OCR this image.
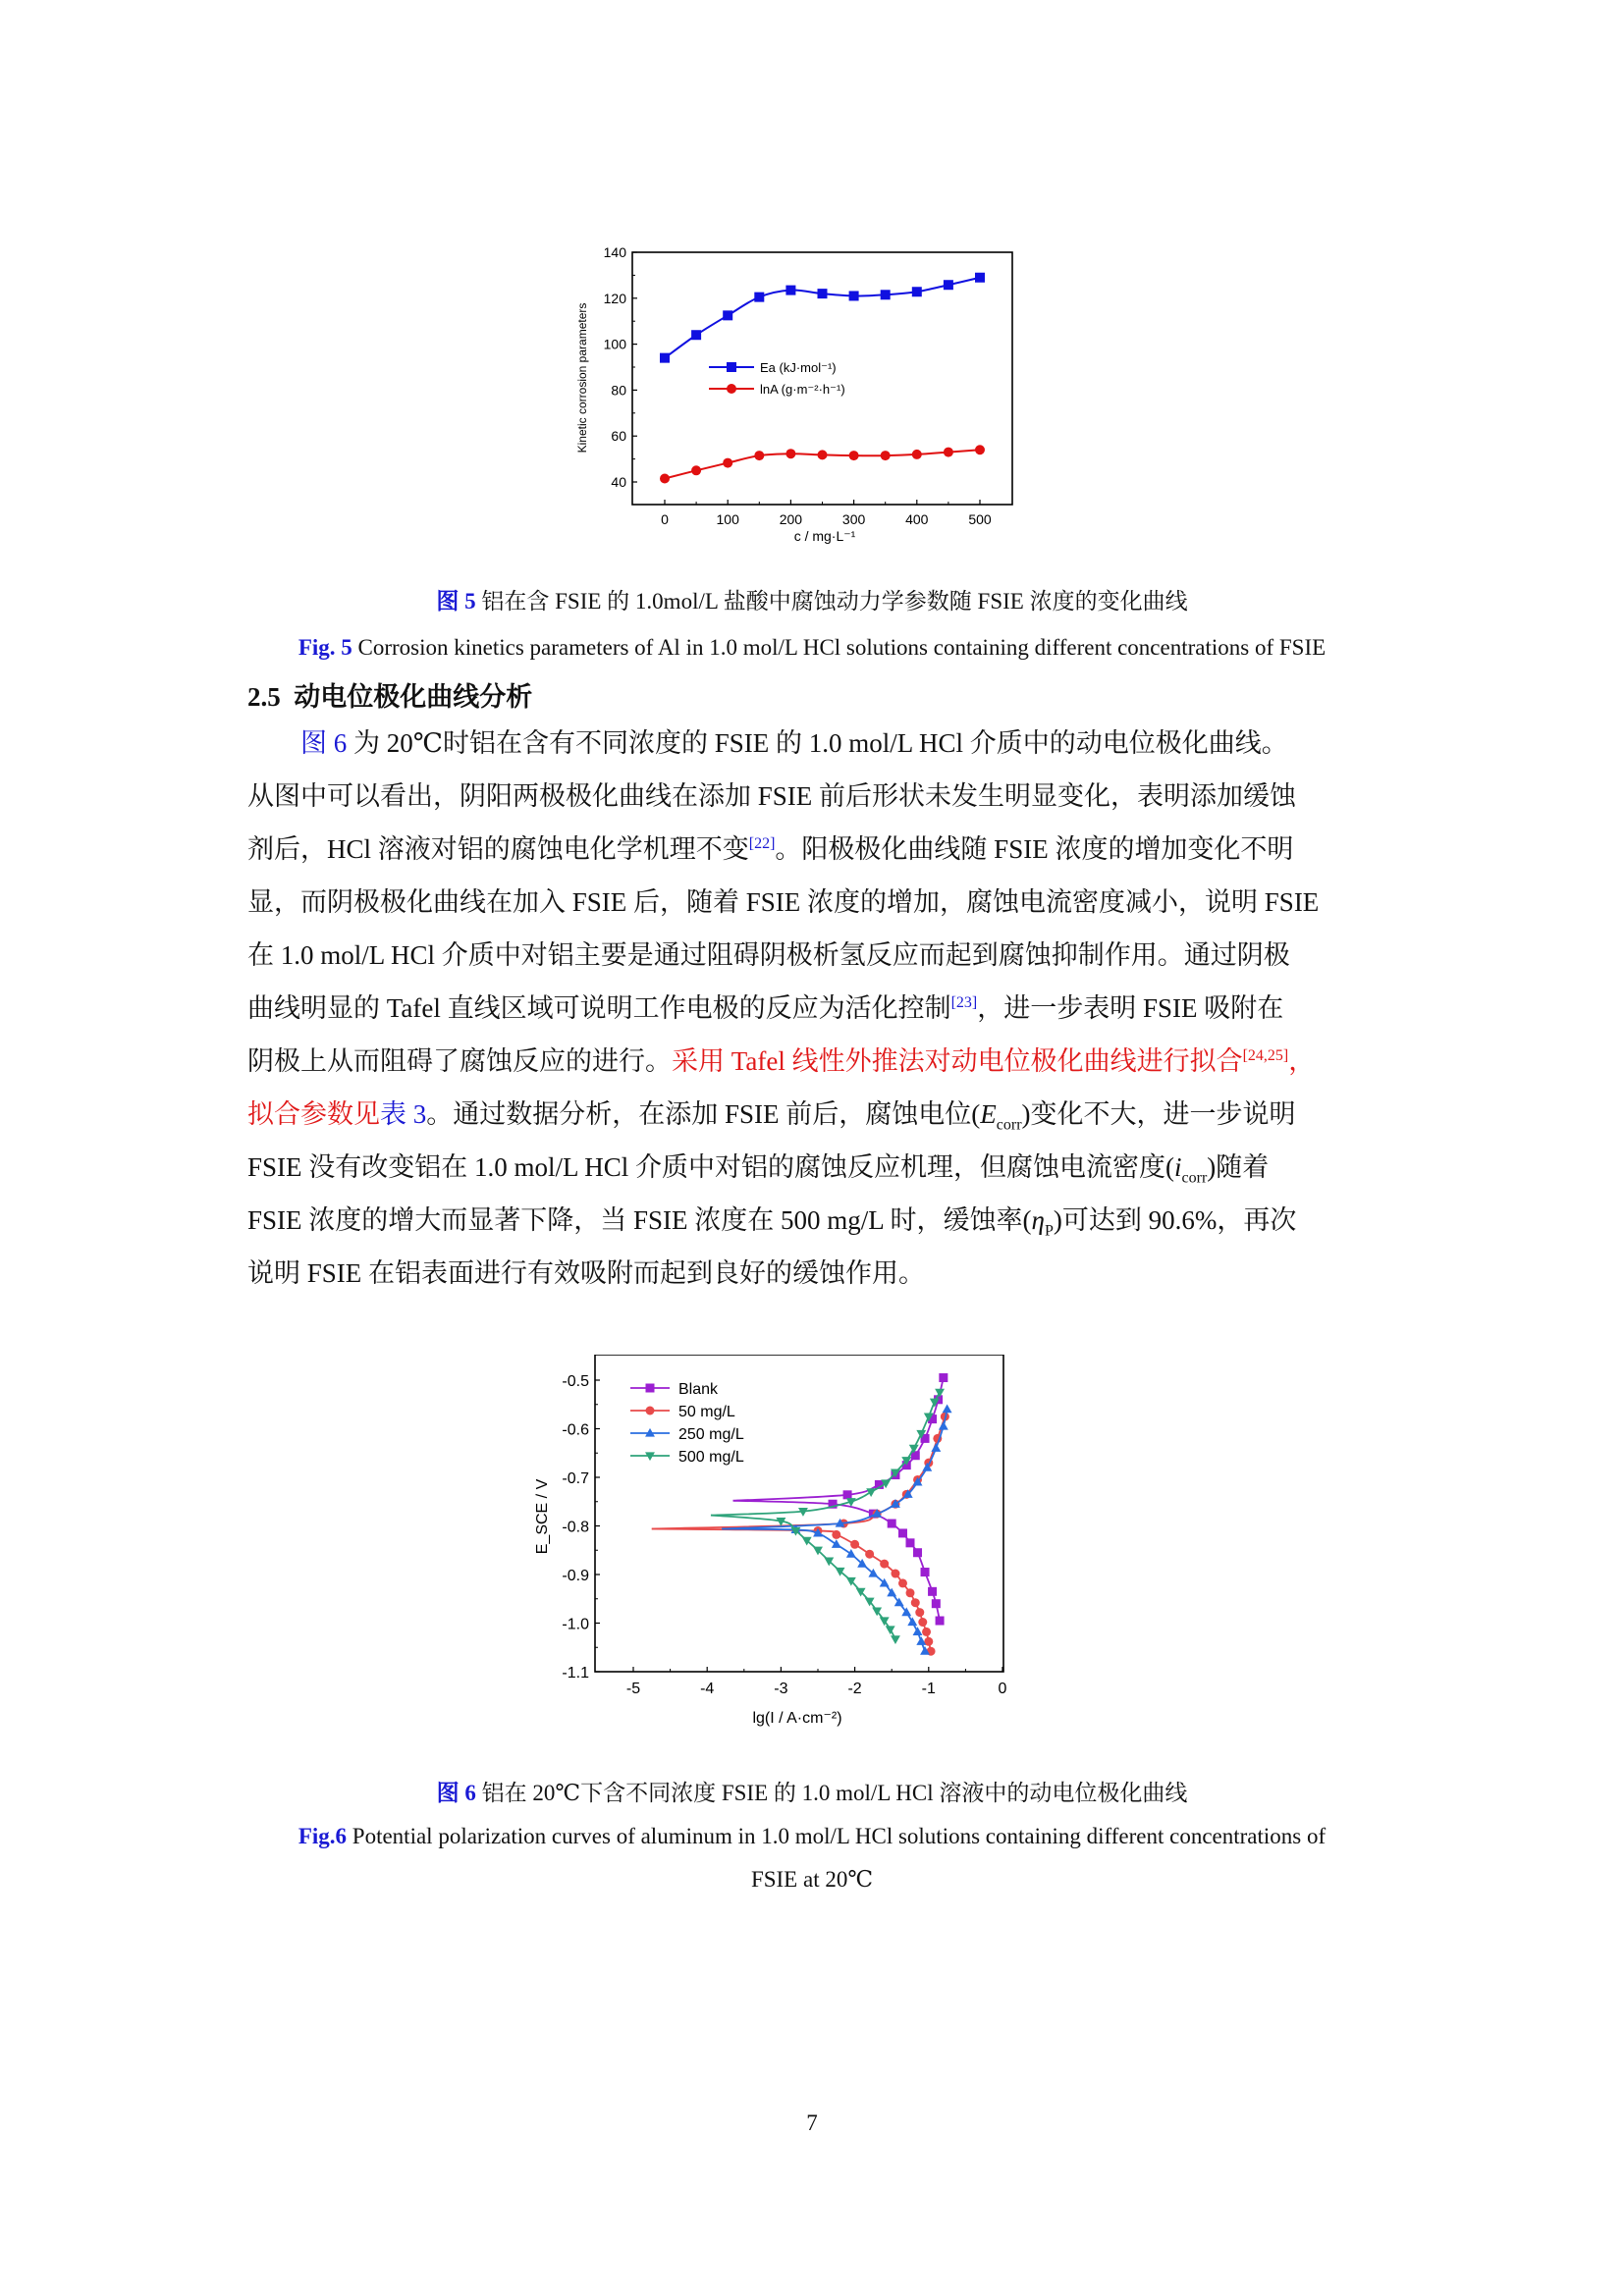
40
60
80
100
120
140
0	100	200	300	400	500
c / mg·L⁻¹
Kinetic corrosion parameters	Ea (kJ·mol⁻¹)
lnA (g·m⁻²·h⁻¹)
图 5 铝在含 FSIE 的 1.0mol/L 盐酸中腐蚀动力学参数随 FSIE 浓度的变化曲线
Fig. 5 Corrosion kinetics parameters of Al in 1.0 mol/L HCl solutions containing different concentrations of FSIE
2.5 动电位极化曲线分析
图 6 为 20℃时铝在含有不同浓度的 FSIE 的 1.0 mol/L HCl 介质中的动电位极化曲线。
从图中可以看出，阴阳两极极化曲线在添加 FSIE 前后形状未发生明显变化，表明添加缓蚀
剂后，HCl 溶液对铝的腐蚀电化学机理不变[22]。阳极极化曲线随 FSIE 浓度的增加变化不明
显，而阴极极化曲线在加入 FSIE 后，随着 FSIE 浓度的增加，腐蚀电流密度减小，说明 FSIE
在 1.0 mol/L HCl 介质中对铝主要是通过阻碍阴极析氢反应而起到腐蚀抑制作用。通过阴极
曲线明显的 Tafel 直线区域可说明工作电极的反应为活化控制[23]，进一步表明 FSIE 吸附在
阴极上从而阻碍了腐蚀反应的进行。采用 Tafel 线性外推法对动电位极化曲线进行拟合[24,25]，
拟合参数见表 3。通过数据分析，在添加 FSIE 前后，腐蚀电位$(E_{corr})$变化不大，进一步说明
FSIE 没有改变铝在 1.0 mol/L HCl 介质中对铝的腐蚀反应机理，但腐蚀电流密度$(i_{corr})$随着
FSIE 浓度的增大而显著下降，当 FSIE 浓度在 500 mg/L 时，缓蚀率$(\eta_P)$可达到 90.6%，再次
说明 FSIE 在铝表面进行有效吸附而起到良好的缓蚀作用。
-0.5
-0.6
-0.7
-0.8
-0.9
-1.0
-1.1
-5	-4	-3	-2	-1	0
lg(I / A·cm⁻²)
E_SCE / V
Blank
50 mg/L
250 mg/L
500 mg/L
图 6 铝在 20℃下含不同浓度 FSIE 的 1.0 mol/L HCl 溶液中的动电位极化曲线
Fig.6 Potential polarization curves of aluminum in 1.0 mol/L HCl solutions containing different concentrations of
FSIE at 20℃
7
